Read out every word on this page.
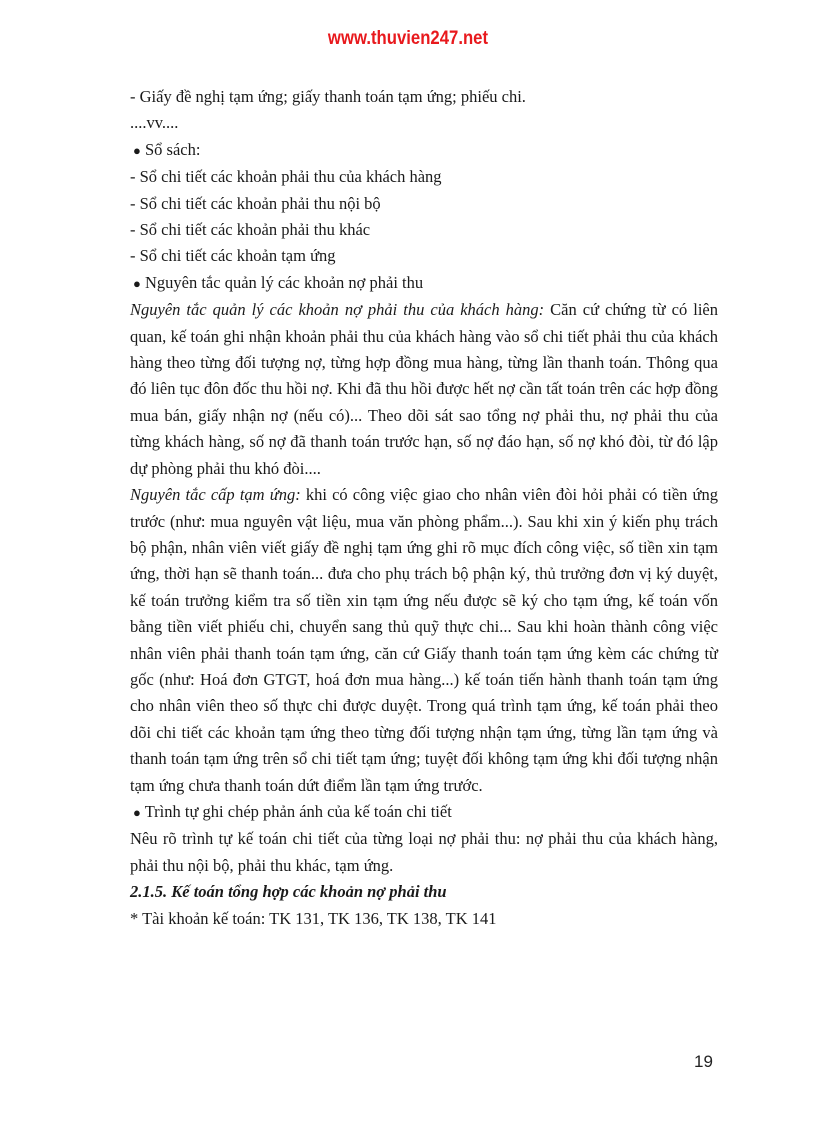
www.thuvien247.net
- Giấy đề nghị tạm ứng; giấy thanh toán tạm ứng; phiếu chi.
....vv....
● Sổ sách:
- Sổ chi tiết các khoản phải thu của khách hàng
- Sổ chi tiết các khoản phải thu nội bộ
- Sổ chi tiết các khoản phải thu khác
- Sổ chi tiết các khoản tạm ứng
● Nguyên tắc quản lý các khoản nợ phải thu
Nguyên tắc quản lý các khoản nợ phải thu của khách hàng: Căn cứ chứng từ có liên quan, kế toán ghi nhận khoản phải thu của khách hàng vào sổ chi tiết phải thu của khách hàng theo từng đối tượng nợ, từng hợp đồng mua hàng, từng lần thanh toán. Thông qua đó liên tục đôn đốc thu hồi nợ. Khi đã thu hồi được hết nợ cần tất toán trên các hợp đồng mua bán, giấy nhận nợ (nếu có)... Theo dõi sát sao tổng nợ phải thu, nợ phải thu của từng khách hàng, số nợ đã thanh toán trước hạn, số nợ đáo hạn, số nợ khó đòi, từ đó lập dự phòng phải thu khó đòi....
Nguyên tắc cấp tạm ứng: khi có công việc giao cho nhân viên đòi hỏi phải có tiền ứng trước (như: mua nguyên vật liệu, mua văn phòng phẩm...). Sau khi xin ý kiến phụ trách bộ phận, nhân viên viết giấy đề nghị tạm ứng ghi rõ mục đích công việc, số tiền xin tạm ứng, thời hạn sẽ thanh toán... đưa cho phụ trách bộ phận ký, thủ trưởng đơn vị ký duyệt, kế toán trưởng kiểm tra số tiền xin tạm ứng nếu được sẽ ký cho tạm ứng, kế toán vốn bằng tiền viết phiếu chi, chuyển sang thủ quỹ thực chi... Sau khi hoàn thành công việc nhân viên phải thanh toán tạm ứng, căn cứ Giấy thanh toán tạm ứng kèm các chứng từ gốc (như: Hoá đơn GTGT, hoá đơn mua hàng...) kế toán tiến hành thanh toán tạm ứng cho nhân viên theo số thực chi được duyệt. Trong quá trình tạm ứng, kế toán phải theo dõi chi tiết các khoản tạm ứng theo từng đối tượng nhận tạm ứng, từng lần tạm ứng và thanh toán tạm ứng trên sổ chi tiết tạm ứng; tuyệt đối không tạm ứng khi đối tượng nhận tạm ứng chưa thanh toán dứt điểm lần tạm ứng trước.
● Trình tự ghi chép phản ánh của kế toán chi tiết
Nêu rõ trình tự kế toán chi tiết của từng loại nợ phải thu: nợ phải thu của khách hàng, phải thu nội bộ, phải thu khác, tạm ứng.
2.1.5. Kế toán tổng hợp các khoản nợ phải thu
* Tài khoản kế toán: TK 131, TK 136, TK 138, TK 141
19
